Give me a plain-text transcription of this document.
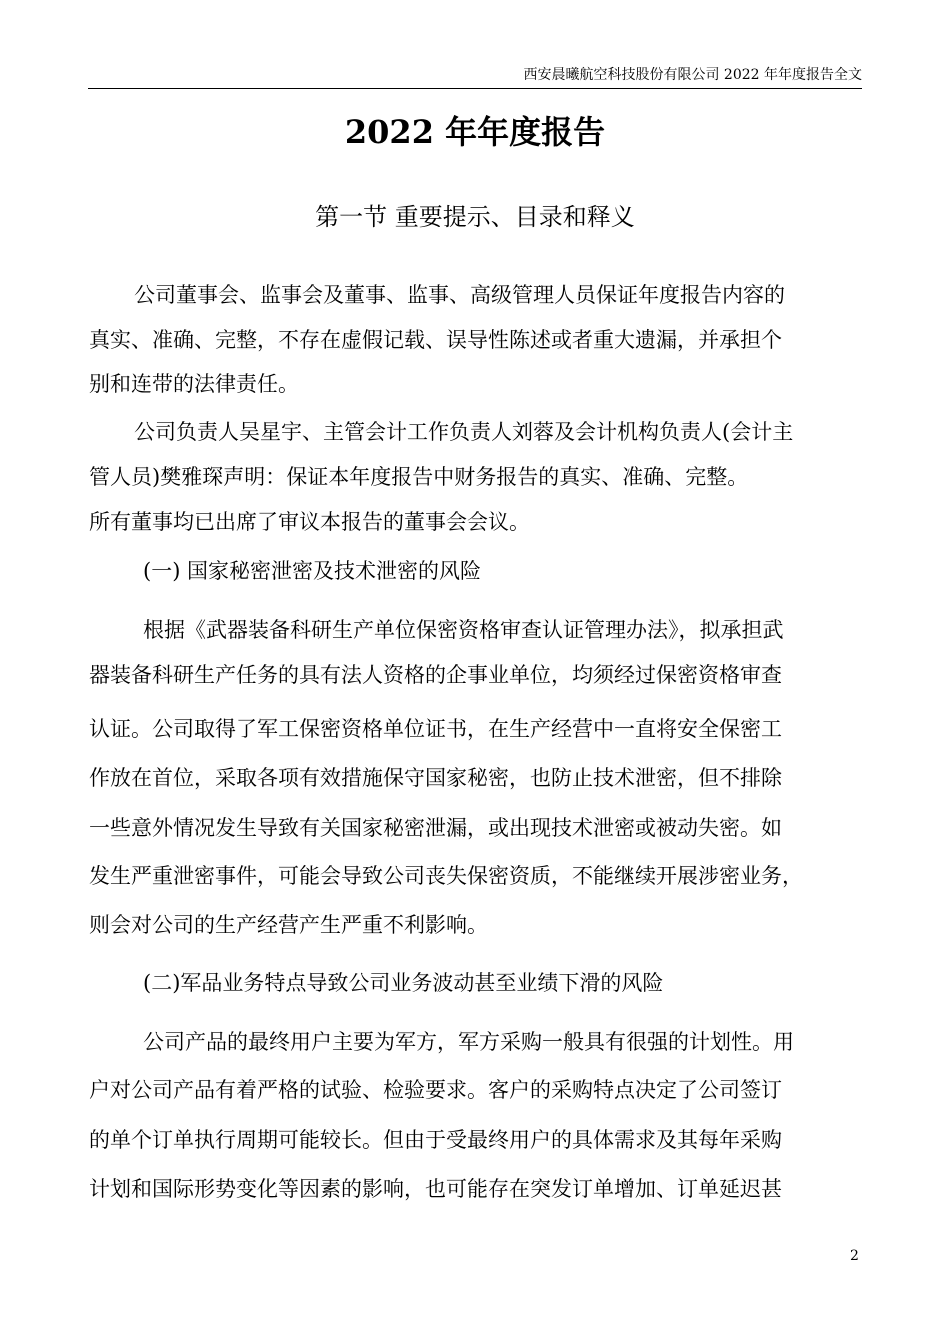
西安晨曦航空科技股份有限公司 2022 年年度报告全文
2022 年年度报告
第一节 重要提示、目录和释义
公司董事会、监事会及董事、监事、高级管理人员保证年度报告内容的
真实、准确、完整，不存在虚假记载、误导性陈述或者重大遗漏，并承担个
别和连带的法律责任。
公司负责人吴星宇、主管会计工作负责人刘蓉及会计机构负责人(会计主
管人员)樊雅琛声明：保证本年度报告中财务报告的真实、准确、完整。
所有董事均已出席了审议本报告的董事会会议。
(一) 国家秘密泄密及技术泄密的风险
根据《武器装备科研生产单位保密资格审查认证管理办法》，拟承担武
器装备科研生产任务的具有法人资格的企事业单位，均须经过保密资格审查
认证。公司取得了军工保密资格单位证书，在生产经营中一直将安全保密工
作放在首位，采取各项有效措施保守国家秘密，也防止技术泄密，但不排除
一些意外情况发生导致有关国家秘密泄漏，或出现技术泄密或被动失密。如
发生严重泄密事件，可能会导致公司丧失保密资质，不能继续开展涉密业务，
则会对公司的生产经营产生严重不利影响。
(二)军品业务特点导致公司业务波动甚至业绩下滑的风险
公司产品的最终用户主要为军方，军方采购一般具有很强的计划性。用
户对公司产品有着严格的试验、检验要求。客户的采购特点决定了公司签订
的单个订单执行周期可能较长。但由于受最终用户的具体需求及其每年采购
计划和国际形势变化等因素的影响，也可能存在突发订单增加、订单延迟甚
2
